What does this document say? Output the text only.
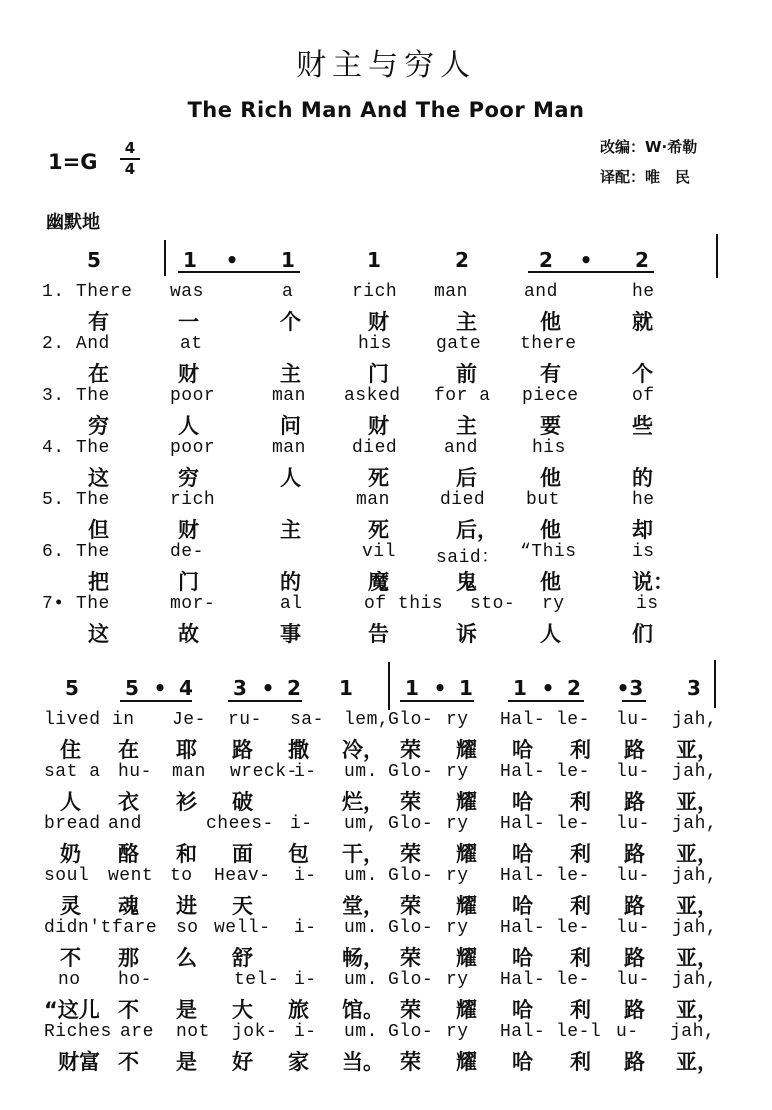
财主与穷人
The Rich Man And The Poor Man
1=G
4
4
改编：W·希勒
译配：唯　民
幽默地
5	1 • 1	1	2	2 • 2
1. There was	a	rich man	and	he
有	一	个	财	主	他	就
2. And	at	his gate there
在	财	主	门	前	有	个
3. The	poor	man asked for a piece	of
穷	人	问	财	主	要	些
4. The	poor	man	died	and	his
这	穷	人	死	后	他	的
5. The	rich	man	died but	he
但	财	主	死	后， 他	却
6. The	de-	vil said： “This	is
把	门	的	魔	鬼	他	说：
7• The	mor-	al	of this sto- ry	is
这	故	事	告	诉	人	们
5 5 • 4 3 • 2 1	1 • 1 1 • 2 •3 3
lived in Je- ru- sa- lem,
Glo- ry Hal- le- lu- jah,
住 在 耶 路 撒 冷， 荣 耀 哈 利 路 亚，
sat a hu- man wreck-
i- um. Glo- ry Hal- le- lu- jah,
人 衣 衫 破	烂， 荣 耀 哈 利 路 亚，
bread and	chees- i- um, Glo- ry Hal- le- lu- jah,
奶 酪 和 面 包 干， 荣 耀 哈 利 路 亚，
soul went to Heav- i- um. Glo- ry Hal- le- lu- jah,
灵 魂 进 天	堂， 荣 耀 哈 利 路 亚，
didn't fare so well- i- um. Glo- ry Hal- le- lu- jah,
不 那 么 舒	畅， 荣 耀 哈 利 路 亚，
no ho-	tel- i- um. Glo- ry Hal- le- lu- jah,
“这儿 不 是 大 旅 馆。 荣 耀 哈 利 路 亚，
Riches are not jok- i- um. Glo- ry Hal- le-l u- jah,
财富 不 是 好 家 当。 荣 耀 哈 利 路 亚，
